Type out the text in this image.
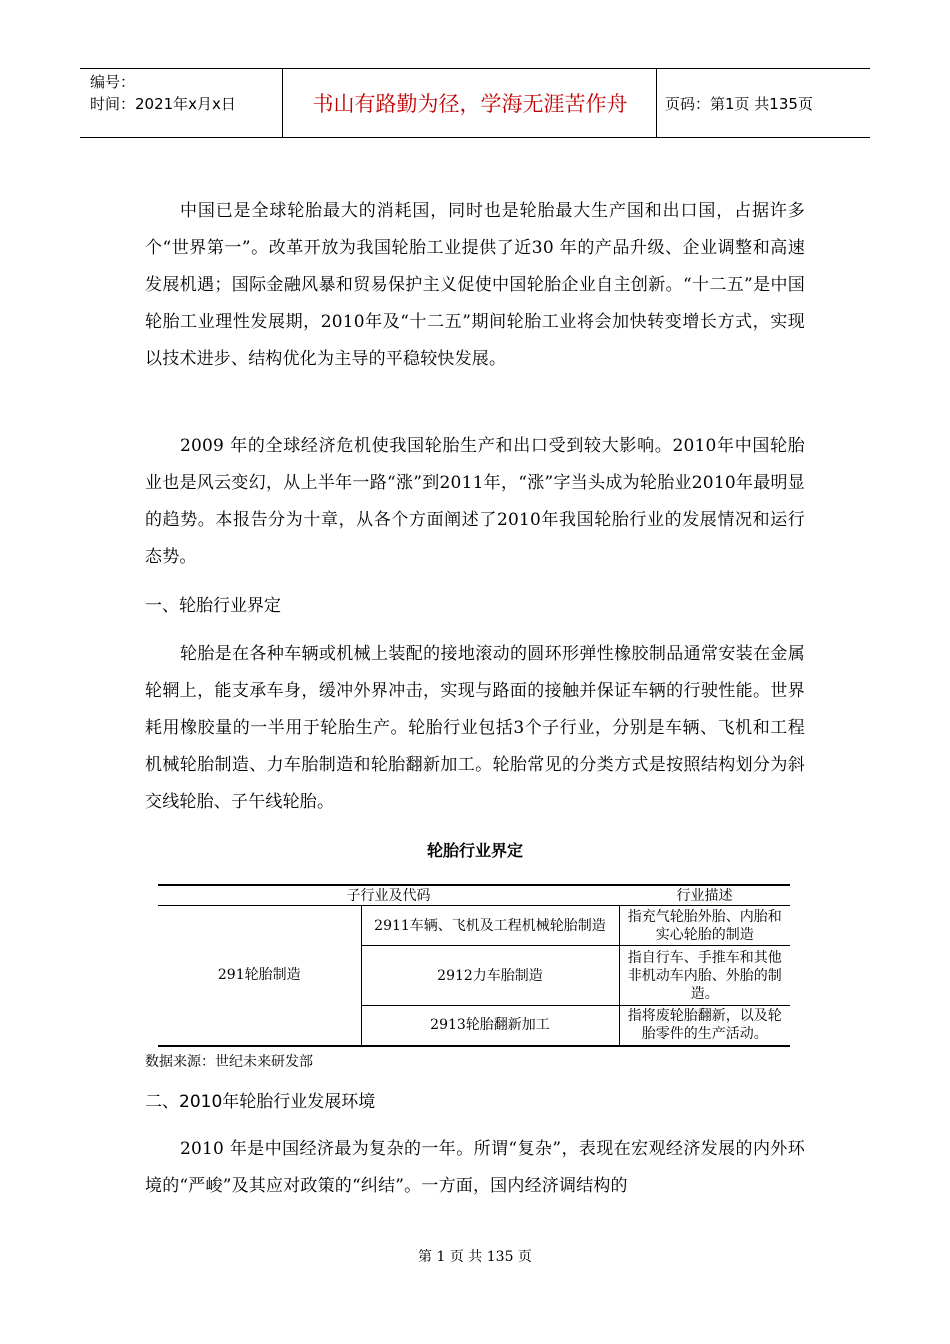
编号：
时间：2021年x月x日	书山有路勤为径，学海无涯苦作舟	页码：第1页 共135页

中国已是全球轮胎最大的消耗国，同时也是轮胎最大生产国和出口国，占据许多个“世界第一”。改革开放为我国轮胎工业提供了近30 年的产品升级、企业调整和高速发展机遇；国际金融风暴和贸易保护主义促使中国轮胎企业自主创新。“十二五”是中国轮胎工业理性发展期，2010年及“十二五”期间轮胎工业将会加快转变增长方式，实现以技术进步、结构优化为主导的平稳较快发展。

2009 年的全球经济危机使我国轮胎生产和出口受到较大影响。2010年中国轮胎业也是风云变幻，从上半年一路“涨”到2011年，“涨”字当头成为轮胎业2010年最明显的趋势。本报告分为十章，从各个方面阐述了2010年我国轮胎行业的发展情况和运行态势。

一、轮胎行业界定

轮胎是在各种车辆或机械上装配的接地滚动的圆环形弹性橡胶制品通常安装在金属轮辋上，能支承车身，缓冲外界冲击，实现与路面的接触并保证车辆的行驶性能。世界耗用橡胶量的一半用于轮胎生产。轮胎行业包括3个子行业，分别是车辆、飞机和工程机械轮胎制造、力车胎制造和轮胎翻新加工。轮胎常见的分类方式是按照结构划分为斜交线轮胎、子午线轮胎。

轮胎行业界定
子行业及代码		行业描述
291轮胎制造	2911车辆、飞机及工程机械轮胎制造	指充气轮胎外胎、内胎和实心轮胎的制造
	2912力车胎制造	指自行车、手推车和其他非机动车内胎、外胎的制造。
	2913轮胎翻新加工	指将废轮胎翻新，以及轮胎零件的生产活动。
数据来源：世纪未来研发部
二、2010年轮胎行业发展环境

2010 年是中国经济最为复杂的一年。所谓“复杂”，表现在宏观经济发展的内外环境的“严峻”及其应对政策的“纠结”。一方面，国内经济调结构的

第 1 页 共 135 页
